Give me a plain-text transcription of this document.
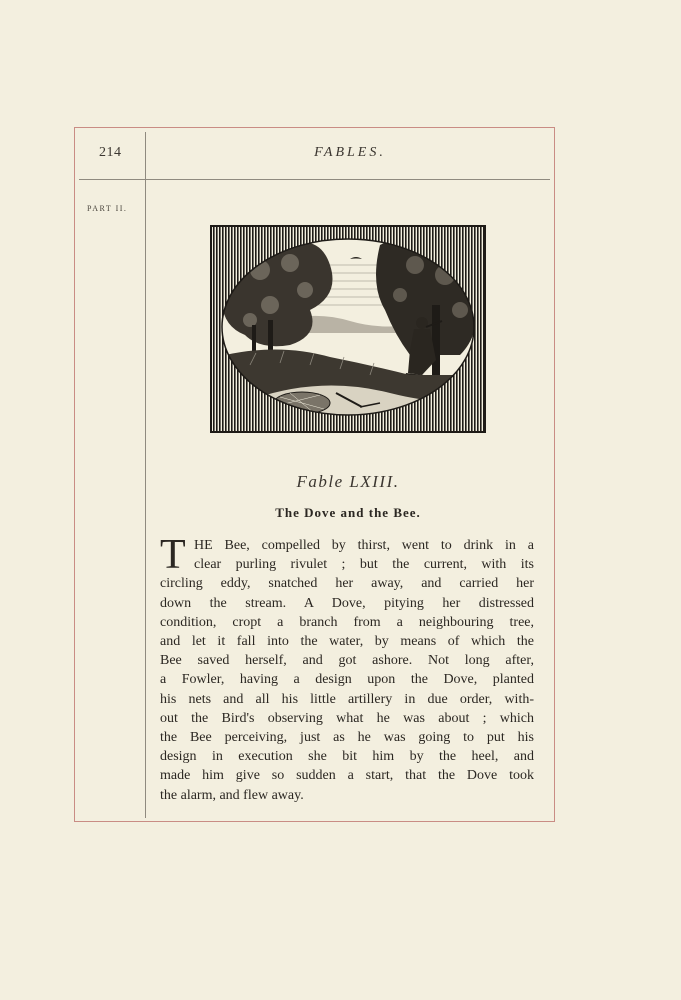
214	FABLES.
PART II.
Fable LXIII.
The Dove and the Bee.
T HE Bee, compelled by thirst, went to drink in a
clear purling rivulet ; but the current, with its
circling eddy, snatched her away, and carried her
down the stream. A Dove, pitying her distressed
condition, cropt a branch from a neighbouring tree,
and let it fall into the water, by means of which the
Bee saved herself, and got ashore. Not long after,
a Fowler, having a design upon the Dove, planted
his nets and all his little artillery in due order, with-
out the Bird's observing what he was about ; which
the Bee perceiving, just as he was going to put his
design in execution she bit him by the heel, and
made him give so sudden a start, that the Dove took
the alarm, and flew away.
